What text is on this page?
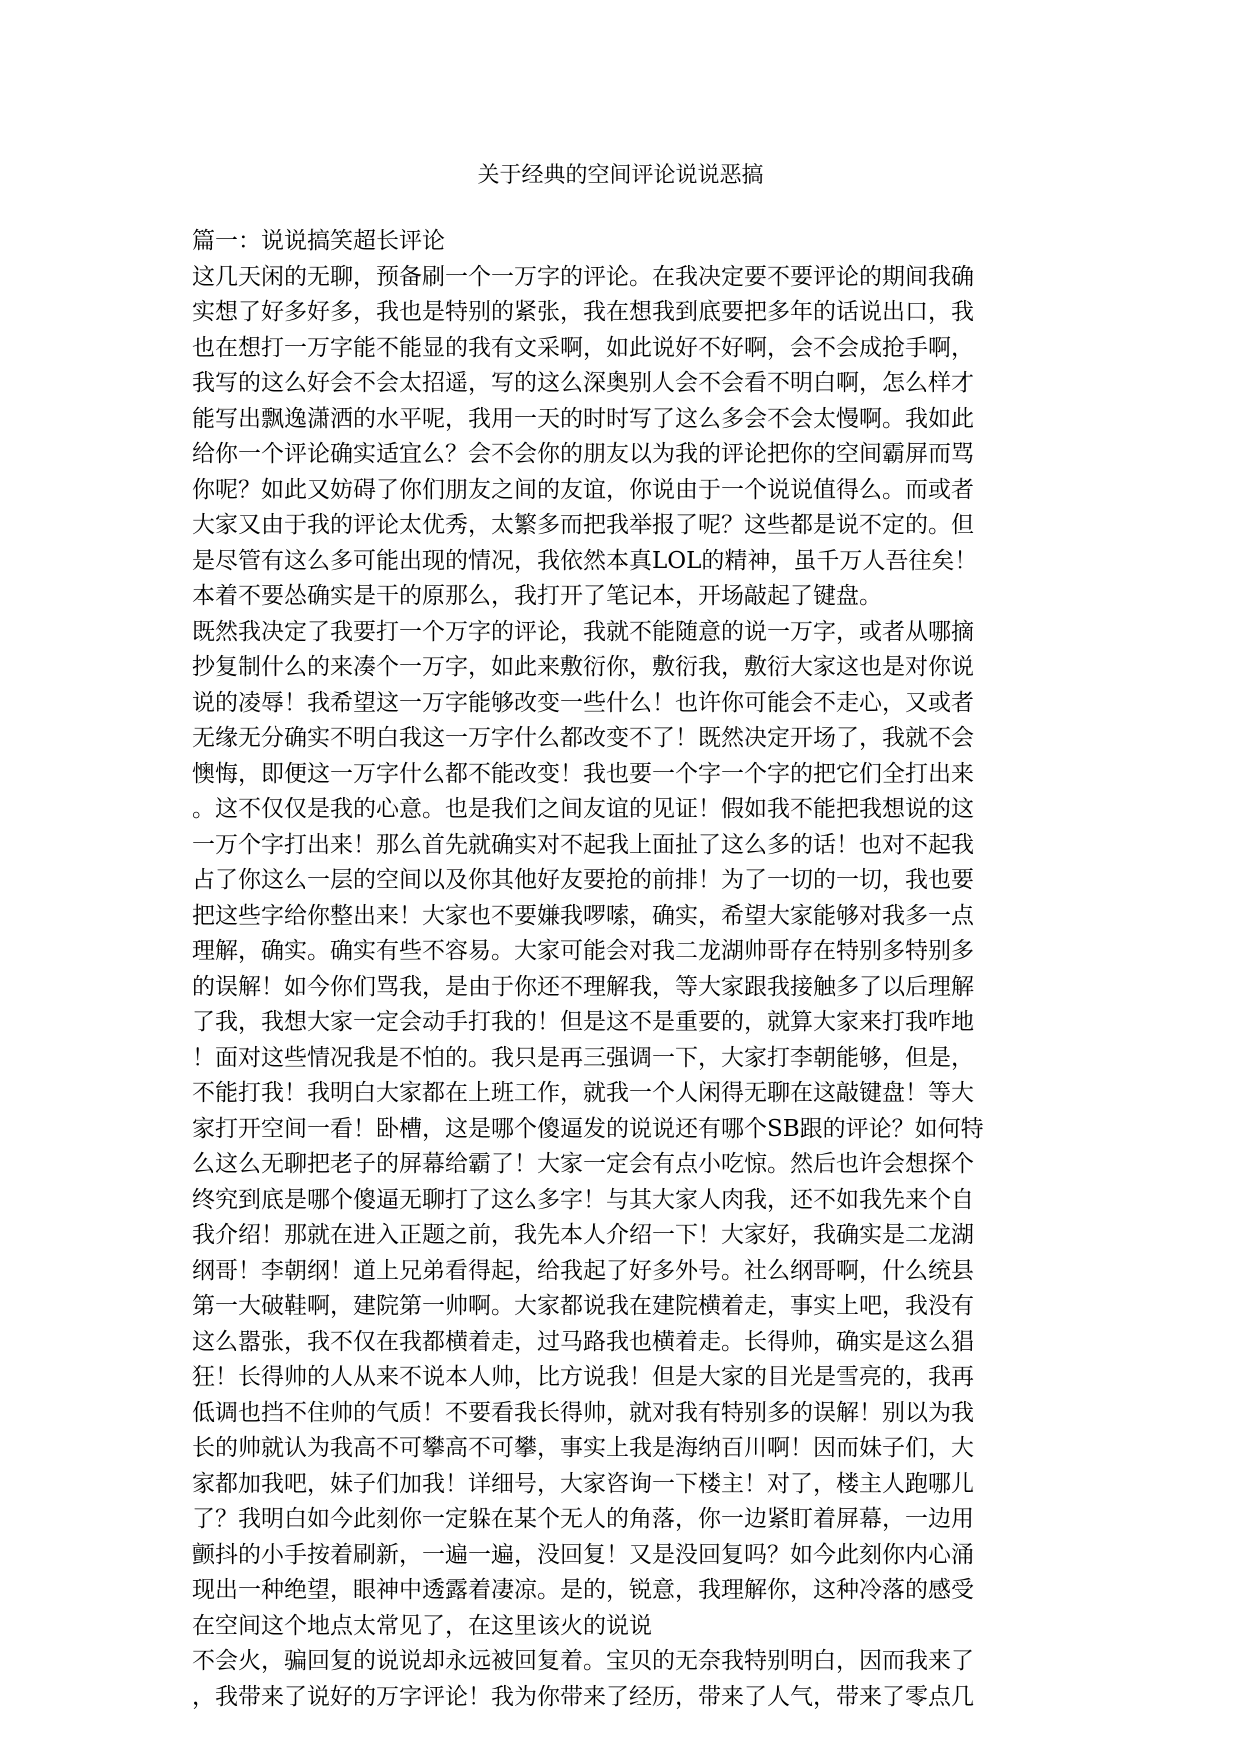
关于经典的空间评论说说恶搞
篇一：说说搞笑超长评论
这几天闲的无聊，预备刷一个一万字的评论。在我决定要不要评论的期间我确
实想了好多好多，我也是特别的紧张，我在想我到底要把多年的话说出口，我
也在想打一万字能不能显的我有文采啊，如此说好不好啊，会不会成抢手啊，
我写的这么好会不会太招遥，写的这么深奥别人会不会看不明白啊，怎么样才
能写出飘逸潇洒的水平呢，我用一天的时时写了这么多会不会太慢啊。我如此
给你一个评论确实适宜么？会不会你的朋友以为我的评论把你的空间霸屏而骂
你呢？如此又妨碍了你们朋友之间的友谊，你说由于一个说说值得么。而或者
大家又由于我的评论太优秀，太繁多而把我举报了呢？这些都是说不定的。但
是尽管有这么多可能出现的情况，我依然本真LOL的精神，虽千万人吾往矣！
本着不要怂确实是干的原那么，我打开了笔记本，开场敲起了键盘。
既然我决定了我要打一个万字的评论，我就不能随意的说一万字，或者从哪摘
抄复制什么的来凑个一万字，如此来敷衍你，敷衍我，敷衍大家这也是对你说
说的凌辱！我希望这一万字能够改变一些什么！也许你可能会不走心，又或者
无缘无分确实不明白我这一万字什么都改变不了！既然决定开场了，我就不会
懊悔，即便这一万字什么都不能改变！我也要一个字一个字的把它们全打出来
。这不仅仅是我的心意。也是我们之间友谊的见证！假如我不能把我想说的这
一万个字打出来！那么首先就确实对不起我上面扯了这么多的话！也对不起我
占了你这么一层的空间以及你其他好友要抢的前排！为了一切的一切，我也要
把这些字给你整出来！大家也不要嫌我啰嗦，确实，希望大家能够对我多一点
理解，确实。确实有些不容易。大家可能会对我二龙湖帅哥存在特别多特别多
的误解！如今你们骂我，是由于你还不理解我，等大家跟我接触多了以后理解
了我，我想大家一定会动手打我的！但是这不是重要的，就算大家来打我咋地
！面对这些情况我是不怕的。我只是再三强调一下，大家打李朝能够，但是，
不能打我！我明白大家都在上班工作，就我一个人闲得无聊在这敲键盘！等大
家打开空间一看！卧槽，这是哪个傻逼发的说说还有哪个SB跟的评论？如何特
么这么无聊把老子的屏幕给霸了！大家一定会有点小吃惊。然后也许会想探个
终究到底是哪个傻逼无聊打了这么多字！与其大家人肉我，还不如我先来个自
我介绍！那就在进入正题之前，我先本人介绍一下！大家好，我确实是二龙湖
纲哥！李朝纲！道上兄弟看得起，给我起了好多外号。社么纲哥啊，什么统县
第一大破鞋啊，建院第一帅啊。大家都说我在建院横着走，事实上吧，我没有
这么嚣张，我不仅在我都横着走，过马路我也横着走。长得帅，确实是这么猖
狂！长得帅的人从来不说本人帅，比方说我！但是大家的目光是雪亮的，我再
低调也挡不住帅的气质！不要看我长得帅，就对我有特别多的误解！别以为我
长的帅就认为我高不可攀高不可攀，事实上我是海纳百川啊！因而妹子们，大
家都加我吧，妹子们加我！详细号，大家咨询一下楼主！对了，楼主人跑哪儿
了？我明白如今此刻你一定躲在某个无人的角落，你一边紧盯着屏幕，一边用
颤抖的小手按着刷新，一遍一遍，没回复！又是没回复吗？如今此刻你内心涌
现出一种绝望，眼神中透露着凄凉。是的，锐意，我理解你，这种冷落的感受
在空间这个地点太常见了，在这里该火的说说
不会火，骗回复的说说却永远被回复着。宝贝的无奈我特别明白，因而我来了
，我带来了说好的万字评论！我为你带来了经历，带来了人气，带来了零点几
